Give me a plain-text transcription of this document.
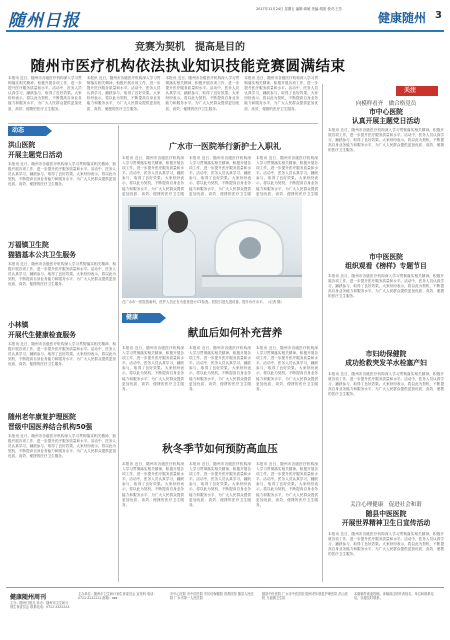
随州日报
2017年11月24日 星期五 编辑:周敏 美编:胡波 校对:王芳
健康随州 3
竞赛为契机　提高是目的
随州市医疗机构依法执业知识技能竞赛圆满结束
本报讯 近日，随州市各级医疗机构深入学习贯彻落实相关精神，积极开展各项工作，进一步提升医疗服务质量和水平。活动中，医务人员认真学习，踊跃参与，取得了良好效果。大家纷纷表示，将以此为契机，不断提高自身业务能力和服务水平，为广大人民群众提供更加优质、高效、便捷的医疗卫生服务。
本报讯 近日，随州市各级医疗机构深入学习贯彻落实相关精神，积极开展各项工作，进一步提升医疗服务质量和水平。活动中，医务人员认真学习，踊跃参与，取得了良好效果。大家纷纷表示，将以此为契机，不断提高自身业务能力和服务水平，为广大人民群众提供更加优质、高效、便捷的医疗卫生服务。
本报讯 近日，随州市各级医疗机构深入学习贯彻落实相关精神，积极开展各项工作，进一步提升医疗服务质量和水平。活动中，医务人员认真学习，踊跃参与，取得了良好效果。大家纷纷表示，将以此为契机，不断提高自身业务能力和服务水平，为广大人民群众提供更加优质、高效、便捷的医疗卫生服务。
本报讯 近日，随州市各级医疗机构深入学习贯彻落实相关精神，积极开展各项工作，进一步提升医疗服务质量和水平。活动中，医务人员认真学习，踊跃参与，取得了良好效果。大家纷纷表示，将以此为契机，不断提高自身业务能力和服务水平，为广大人民群众提供更加优质、高效、便捷的医疗卫生服务。
动态
洪山医院
开展主题党日活动
本报讯 近日，随州市各级医疗机构深入学习贯彻落实相关精神，积极开展各项工作，进一步提升医疗服务质量和水平。活动中，医务人员认真学习，踊跃参与，取得了良好效果。大家纷纷表示，将以此为契机，不断提高自身业务能力和服务水平，为广大人民群众提供更加优质、高效、便捷的医疗卫生服务。
万福镇卫生院
猫猫基本公共卫生服务
本报讯 近日，随州市各级医疗机构深入学习贯彻落实相关精神，积极开展各项工作，进一步提升医疗服务质量和水平。活动中，医务人员认真学习，踊跃参与，取得了良好效果。大家纷纷表示，将以此为契机，不断提高自身业务能力和服务水平，为广大人民群众提供更加优质、高效、便捷的医疗卫生服务。
小林镇
开展代生健康检查服务
本报讯 近日，随州市各级医疗机构深入学习贯彻落实相关精神，积极开展各项工作，进一步提升医疗服务质量和水平。活动中，医务人员认真学习，踊跃参与，取得了良好效果。大家纷纷表示，将以此为契机，不断提高自身业务能力和服务水平，为广大人民群众提供更加优质、高效、便捷的医疗卫生服务。
随州老年康复护理医院
晋级中国医养结合机构50强
本报讯 近日，随州市各级医疗机构深入学习贯彻落实相关精神，积极开展各项工作，进一步提升医疗服务质量和水平。活动中，医务人员认真学习，踊跃参与，取得了良好效果。大家纷纷表示，将以此为契机，不断提高自身业务能力和服务水平，为广大人民群众提供更加优质、高效、便捷的医疗卫生服务。
广水市一医院举行新护士入职礼
本报讯 近日，随州市各级医疗机构深入学习贯彻落实相关精神，积极开展各项工作，进一步提升医疗服务质量和水平。活动中，医务人员认真学习，踊跃参与，取得了良好效果。大家纷纷表示，将以此为契机，不断提高自身业务能力和服务水平，为广大人民群众提供更加优质、高效、便捷的医疗卫生服
本报讯 近日，随州市各级医疗机构深入学习贯彻落实相关精神，积极开展各项工作，进一步提升医疗服务质量和水平。活动中，医务人员认真学习，踊跃参与，取得了良好效果。大家纷纷表示，将以此为契机，不断提高自身业务能力和服务水平，为广大人民群众提供更加优质、高效、便捷的医疗卫生服
本报讯 近日，随州市各级医疗机构深入学习贯彻落实相关精神，积极开展各项工作，进一步提升医疗服务质量和水平。活动中，医务人员认真学习，踊跃参与，取得了良好效果。大家纷纷表示，将以此为契机，不断提高自身业务能力和服务水平，为广大人民群众提供更加优质、高效、便捷的医疗卫生服
在广水市一医院放射科，医护人员正在为患者进行CT检查。医院引进先进设备，提升诊疗水平。（记者 摄）
健康
献血后如何补充营养
本报讯 近日，随州市各级医疗机构深入学习贯彻落实相关精神，积极开展各项工作，进一步提升医疗服务质量和水平。活动中，医务人员认真学习，踊跃参与，取得了良好效果。大家纷纷表示，将以此为契机，不断提高自身业务能力和服务水平，为广大人民群众提供更加优质、高效、便捷的医疗卫生服务。
本报讯 近日，随州市各级医疗机构深入学习贯彻落实相关精神，积极开展各项工作，进一步提升医疗服务质量和水平。活动中，医务人员认真学习，踊跃参与，取得了良好效果。大家纷纷表示，将以此为契机，不断提高自身业务能力和服务水平，为广大人民群众提供更加优质、高效、便捷的医疗卫生服务。
本报讯 近日，随州市各级医疗机构深入学习贯彻落实相关精神，积极开展各项工作，进一步提升医疗服务质量和水平。活动中，医务人员认真学习，踊跃参与，取得了良好效果。大家纷纷表示，将以此为契机，不断提高自身业务能力和服务水平，为广大人民群众提供更加优质、高效、便捷的医疗卫生服务。
秋冬季节如何预防高血压
本报讯 近日，随州市各级医疗机构深入学习贯彻落实相关精神，积极开展各项工作，进一步提升医疗服务质量和水平。活动中，医务人员认真学习，踊跃参与，取得了良好效果。大家纷纷表示，将以此为契机，不断提高自身业务能力和服务水平，为广大人民群众提供更加优质、高效、便捷的医疗卫生服务。
本报讯 近日，随州市各级医疗机构深入学习贯彻落实相关精神，积极开展各项工作，进一步提升医疗服务质量和水平。活动中，医务人员认真学习，踊跃参与，取得了良好效果。大家纷纷表示，将以此为契机，不断提高自身业务能力和服务水平，为广大人民群众提供更加优质、高效、便捷的医疗卫生服务。
本报讯 近日，随州市各级医疗机构深入学习贯彻落实相关精神，积极开展各项工作，进一步提升医疗服务质量和水平。活动中，医务人员认真学习，踊跃参与，取得了良好效果。大家纷纷表示，将以此为契机，不断提高自身业务能力和服务水平，为广大人民群众提供更加优质、高效、便捷的医疗卫生服务。
关注
向模样看齐　做合格党员
市中心医院
认真开展主题党日活动
本报讯 近日，随州市各级医疗机构深入学习贯彻落实相关精神，积极开展各项工作，进一步提升医疗服务质量和水平。活动中，医务人员认真学习，踊跃参与，取得了良好效果。大家纷纷表示，将以此为契机，不断提高自身业务能力和服务水平，为广大人民群众提供更加优质、高效、便捷的医疗卫生服务。
市中医医院
组织观看《榜样》专题节目
本报讯 近日，随州市各级医疗机构深入学习贯彻落实相关精神，积极开展各项工作，进一步提升医疗服务质量和水平。活动中，医务人员认真学习，踊跃参与，取得了良好效果。大家纷纷表示，将以此为契机，不断提高自身业务能力和服务水平，为广大人民群众提供更加优质、高效、便捷的医疗卫生服务。
市妇幼保健院
成功抢救突发羊水栓塞产妇
本报讯 近日，随州市各级医疗机构深入学习贯彻落实相关精神，积极开展各项工作，进一步提升医疗服务质量和水平。活动中，医务人员认真学习，踊跃参与，取得了良好效果。大家纷纷表示，将以此为契机，不断提高自身业务能力和服务水平，为广大人民群众提供更加优质、高效、便捷的医疗卫生服务。
关注心理健康　促进社会和谐
随县中医医院
开展世界精神卫生日宣传活动
本报讯 近日，随州市各级医疗机构深入学习贯彻落实相关精神，积极开展各项工作，进一步提升医疗服务质量和水平。活动中，医务人员认真学习，踊跃参与，取得了良好效果。大家纷纷表示，将以此为契机，不断提高自身业务能力和服务水平，为广大人民群众提供更加优质、高效、便捷的医疗卫生服务。
健康随州周刊
主办：随州日报社 协办：随州市卫生和计划生育委员会 联系电话：0722-3333333
主办单位：随州市卫生和计划生育委员会 宣传科 电话：0722-3222222 邮箱：xxx
市中心医院 市中医医院 市妇幼保健院 曾都医院 随县人民医院 广水市第一人民医院
随县中医医院 广水市中医医院 随州老年康复护理医院 洪山医院 万福镇卫生院
本版稿件欢迎投稿，来稿请注明作者姓名、单位和联系电话，以便及时联系。
